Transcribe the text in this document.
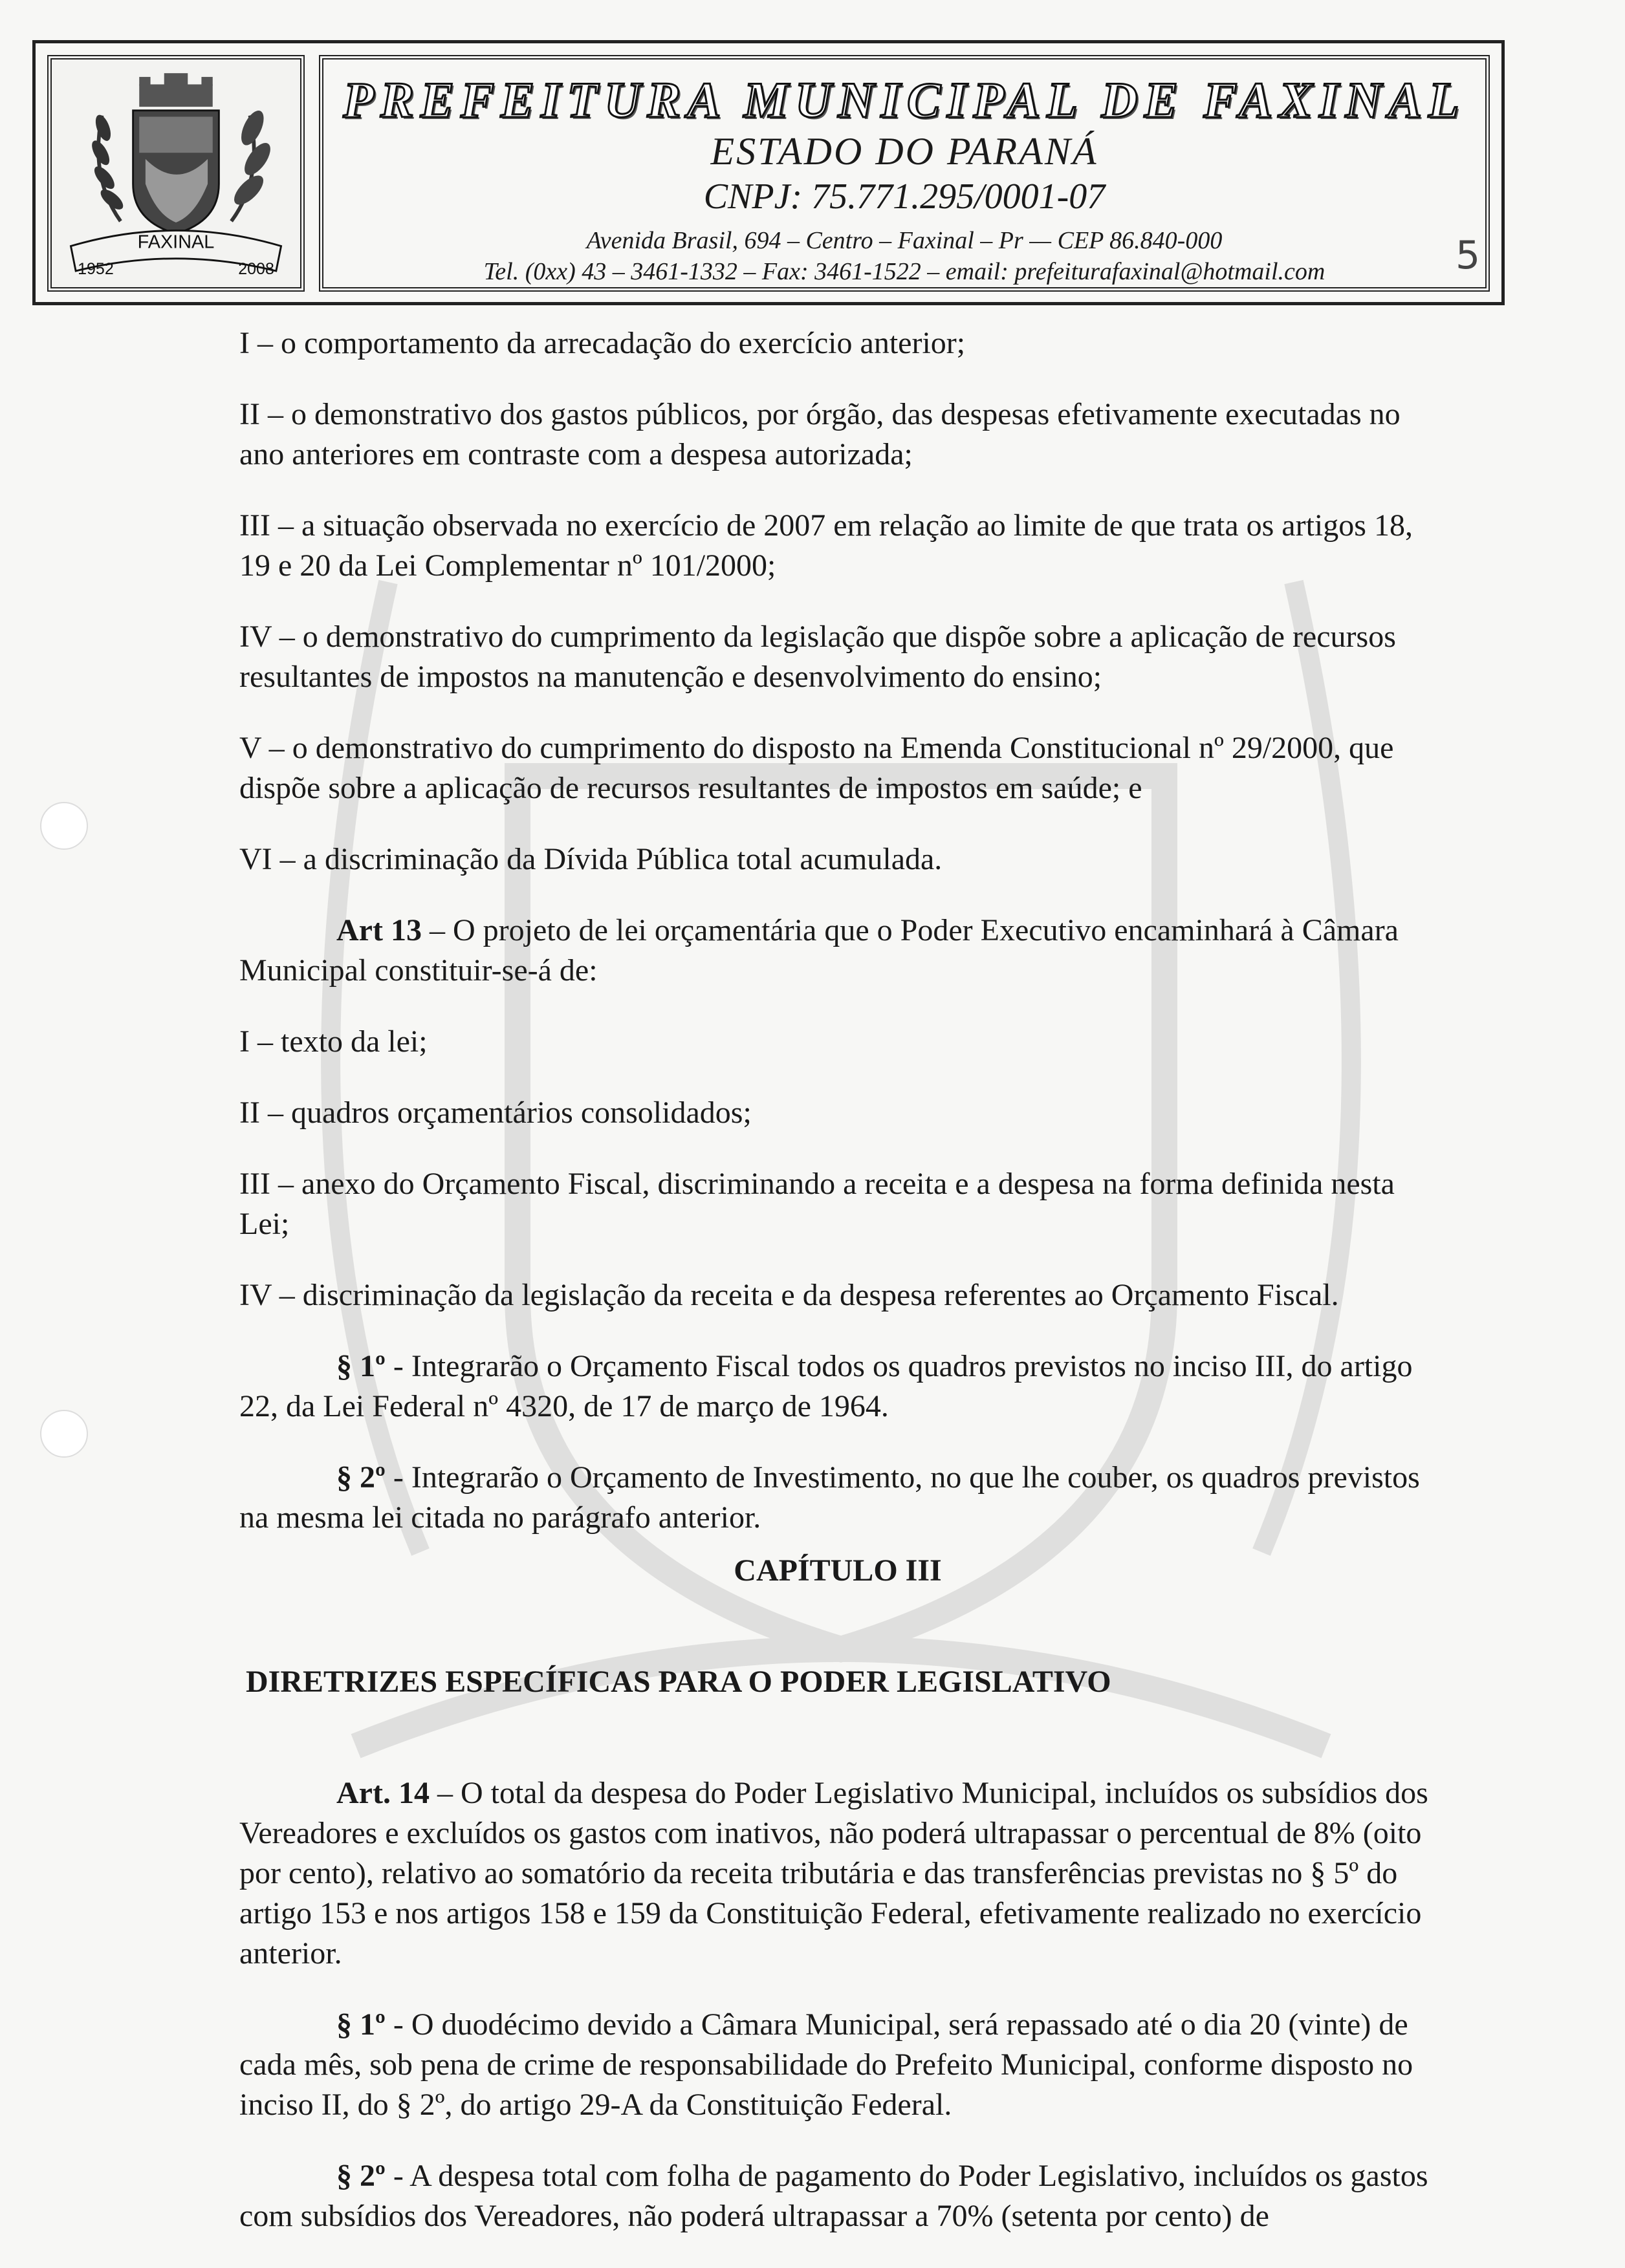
FAXINAL
1952	2008
PREFEITURA MUNICIPAL DE FAXINAL
ESTADO DO PARANÁ
CNPJ: 75.771.295/0001-07
Avenida Brasil, 694 – Centro – Faxinal – Pr — CEP 86.840-000
Tel. (0xx) 43 – 3461-1332 – Fax: 3461-1522 – email: prefeiturafaxinal@hotmail.com	5

I – o comportamento da arrecadação do exercício anterior;

II – o demonstrativo dos gastos públicos, por órgão, das despesas efetivamente executadas no ano anteriores em contraste com a despesa autorizada;

III – a situação observada no exercício de 2007 em relação ao limite de que trata os artigos 18, 19 e 20 da Lei Complementar nº 101/2000;

IV – o demonstrativo do cumprimento da legislação que dispõe sobre a aplicação de recursos resultantes de impostos na manutenção e desenvolvimento do ensino;

V – o demonstrativo do cumprimento do disposto na Emenda Constitucional nº 29/2000, que dispõe sobre a aplicação de recursos resultantes de impostos em saúde; e

VI – a discriminação da Dívida Pública total acumulada.

Art 13 – O projeto de lei orçamentária que o Poder Executivo encaminhará à Câmara Municipal constituir-se-á de:

I – texto da lei;

II – quadros orçamentários consolidados;

III – anexo do Orçamento Fiscal, discriminando a receita e a despesa na forma definida nesta Lei;

IV – discriminação da legislação da receita e da despesa referentes ao Orçamento Fiscal.

§ 1º - Integrarão o Orçamento Fiscal todos os quadros previstos no inciso III, do artigo 22, da Lei Federal nº 4320, de 17 de março de 1964.

§ 2º - Integrarão o Orçamento de Investimento, no que lhe couber, os quadros previstos na mesma lei citada no parágrafo anterior.

CAPÍTULO III

DIRETRIZES ESPECÍFICAS PARA O PODER LEGISLATIVO

Art. 14 – O total da despesa do Poder Legislativo Municipal, incluídos os subsídios dos Vereadores e excluídos os gastos com inativos, não poderá ultrapassar o percentual de 8% (oito por cento), relativo ao somatório da receita tributária e das transferências previstas no § 5º do artigo 153 e nos artigos 158 e 159 da Constituição Federal, efetivamente realizado no exercício anterior.

§ 1º - O duodécimo devido a Câmara Municipal, será repassado até o dia 20 (vinte) de cada mês, sob pena de crime de responsabilidade do Prefeito Municipal, conforme disposto no inciso II, do § 2º, do artigo 29-A da Constituição Federal.

§ 2º - A despesa total com folha de pagamento do Poder Legislativo, incluídos os gastos com subsídios dos Vereadores, não poderá ultrapassar a 70% (setenta por cento) de
